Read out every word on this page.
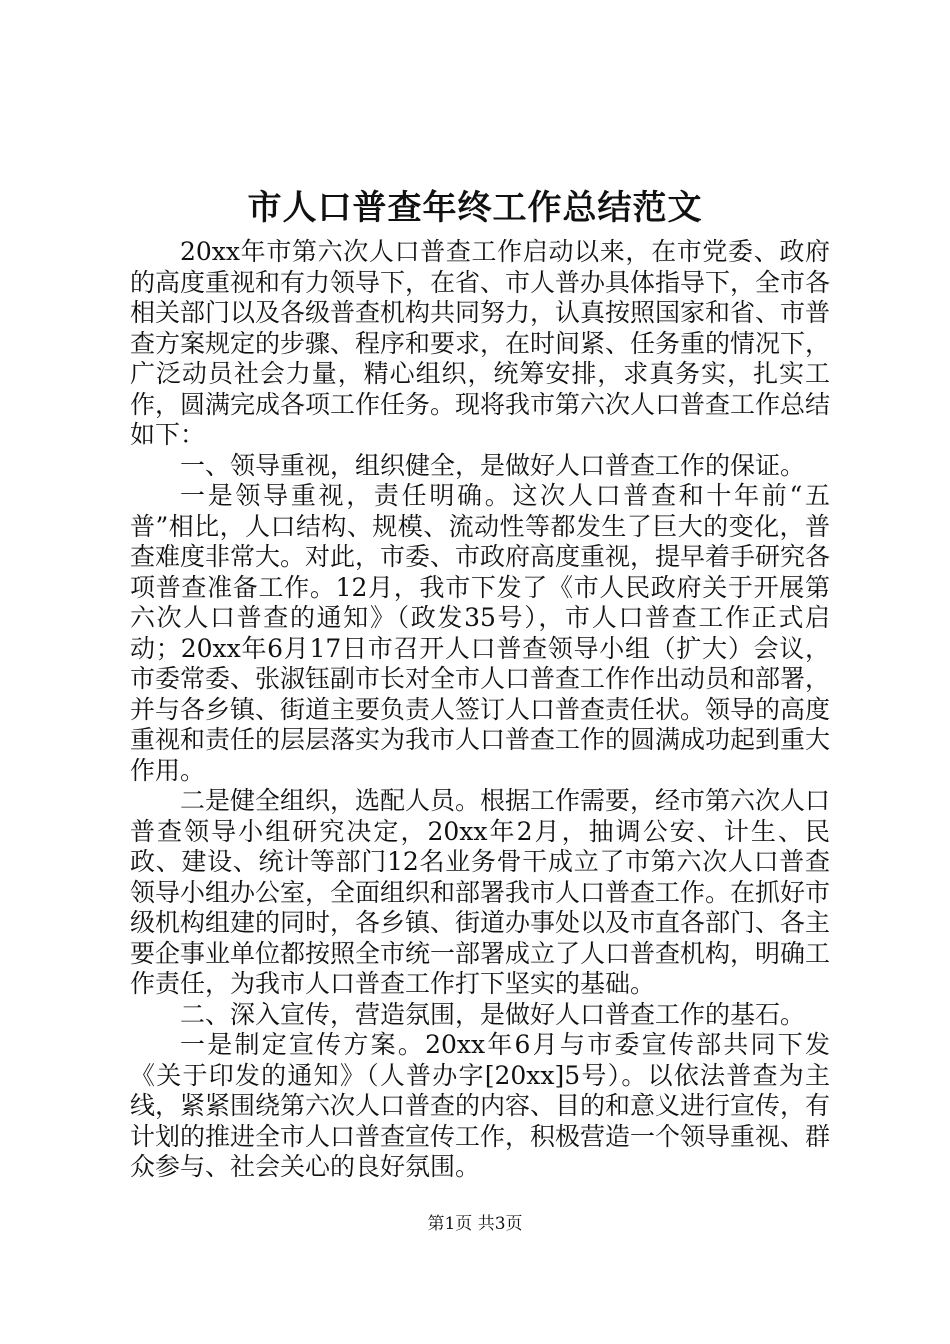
市人口普查年终工作总结范文

20xx年市第六次人口普查工作启动以来，在市党委、政府的高度重视和有力领导下，在省、市人普办具体指导下，全市各相关部门以及各级普查机构共同努力，认真按照国家和省、市普查方案规定的步骤、程序和要求，在时间紧、任务重的情况下，广泛动员社会力量，精心组织，统筹安排，求真务实，扎实工作，圆满完成各项工作任务。现将我市第六次人口普查工作总结如下：

一、领导重视，组织健全，是做好人口普查工作的保证。

一是领导重视，责任明确。这次人口普查和十年前“五普”相比，人口结构、规模、流动性等都发生了巨大的变化，普查难度非常大。对此，市委、市政府高度重视，提早着手研究各项普查准备工作。12月，我市下发了《市人民政府关于开展第六次人口普查的通知》（政发35号），市人口普查工作正式启动；20xx年6月17日市召开人口普查领导小组（扩大）会议，市委常委、张淑钰副市长对全市人口普查工作作出动员和部署，并与各乡镇、街道主要负责人签订人口普查责任状。领导的高度重视和责任的层层落实为我市人口普查工作的圆满成功起到重大作用。

二是健全组织，选配人员。根据工作需要，经市第六次人口普查领导小组研究决定，20xx年2月，抽调公安、计生、民政、建设、统计等部门12名业务骨干成立了市第六次人口普查领导小组办公室，全面组织和部署我市人口普查工作。在抓好市级机构组建的同时，各乡镇、街道办事处以及市直各部门、各主要企事业单位都按照全市统一部署成立了人口普查机构，明确工作责任，为我市人口普查工作打下坚实的基础。

二、深入宣传，营造氛围，是做好人口普查工作的基石。

一是制定宣传方案。20xx年6月与市委宣传部共同下发《关于印发的通知》（人普办字[20xx]5号）。以依法普查为主线，紧紧围绕第六次人口普查的内容、目的和意义进行宣传，有计划的推进全市人口普查宣传工作，积极营造一个领导重视、群众参与、社会关心的良好氛围。

第1页 共3页
